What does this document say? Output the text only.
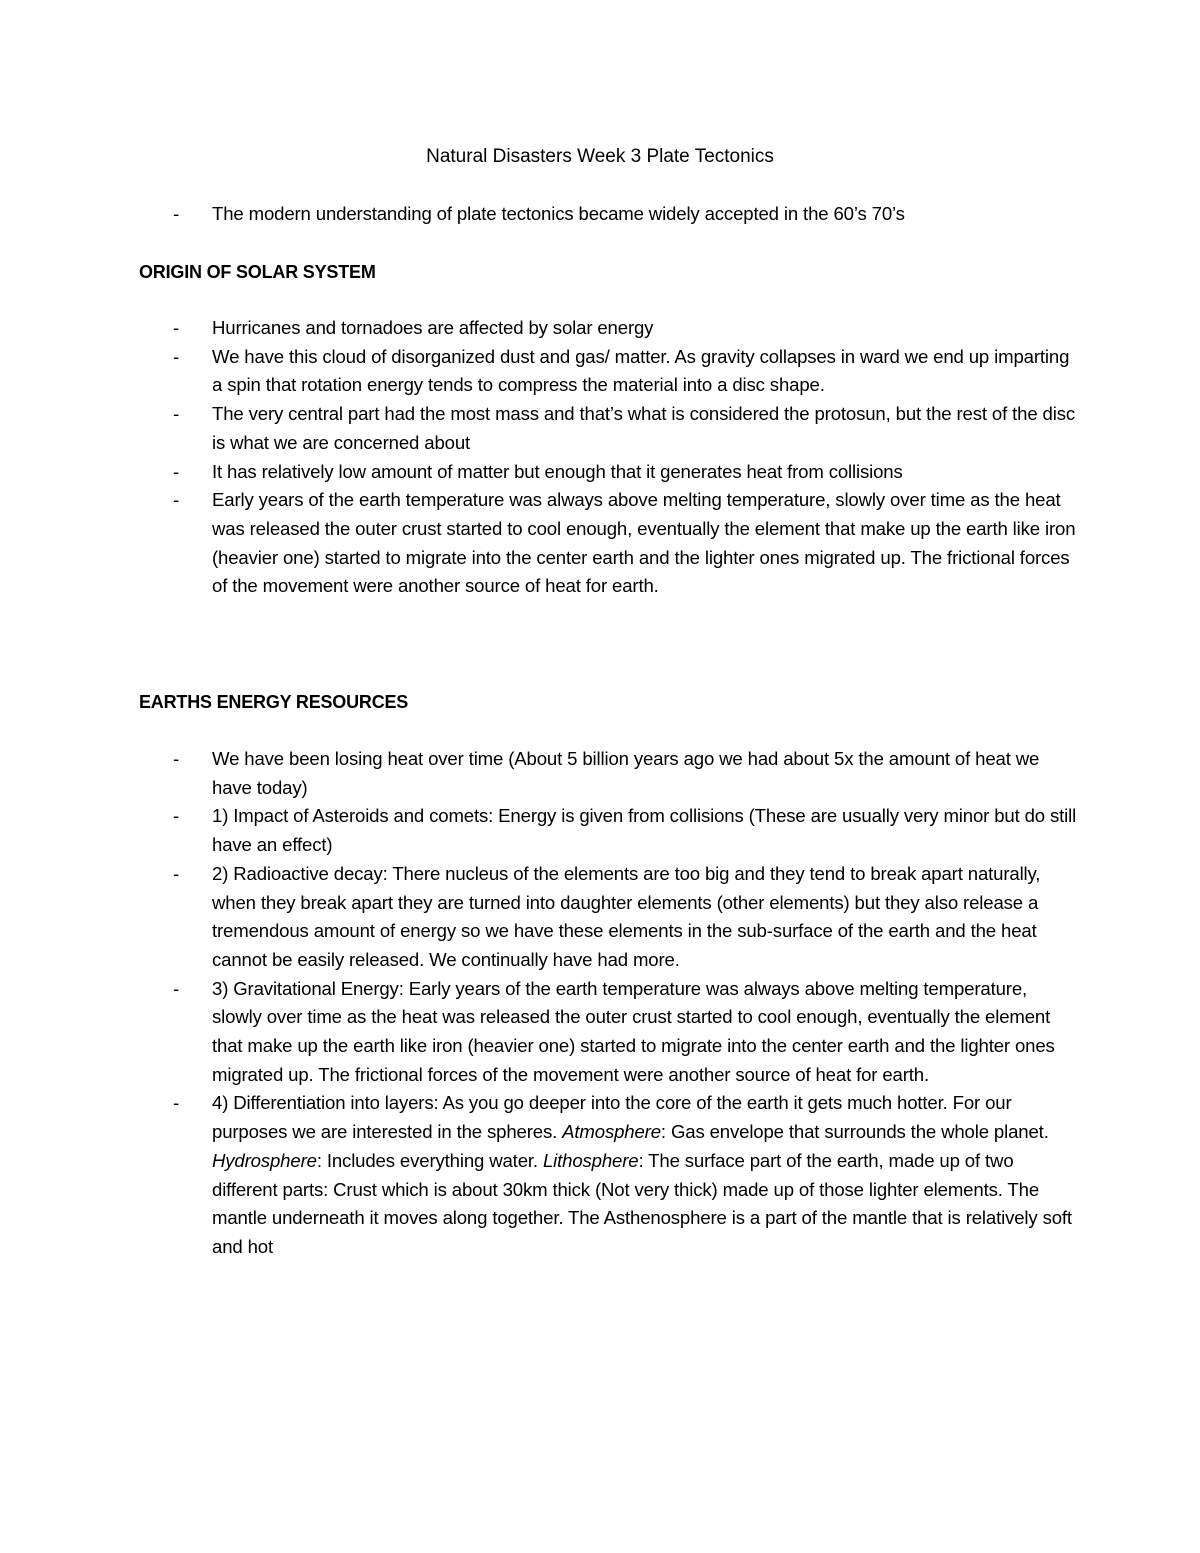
Natural Disasters Week 3 Plate Tectonics
- The modern understanding of plate tectonics became widely accepted in the 60’s 70’s
ORIGIN OF SOLAR SYSTEM
- Hurricanes and tornadoes are affected by solar energy
- We have this cloud of disorganized dust and gas/ matter. As gravity collapses in ward we end up imparting a spin that rotation energy tends to compress the material into a disc shape.
- The very central part had the most mass and that’s what is considered the protosun, but the rest of the disc is what we are concerned about
- It has relatively low amount of matter but enough that it generates heat from collisions
- Early years of the earth temperature was always above melting temperature, slowly over time as the heat was released the outer crust started to cool enough, eventually the element that make up the earth like iron (heavier one) started to migrate into the center earth and the lighter ones migrated up. The frictional forces of the movement were another source of heat for earth.
EARTHS ENERGY RESOURCES
- We have been losing heat over time (About 5 billion years ago we had about 5x the amount of heat we have today)
- 1) Impact of Asteroids and comets: Energy is given from collisions (These are usually very minor but do still have an effect)
- 2) Radioactive decay: There nucleus of the elements are too big and they tend to break apart naturally, when they break apart they are turned into daughter elements (other elements) but they also release a tremendous amount of energy so we have these elements in the sub-surface of the earth and the heat cannot be easily released. We continually have had more.
- 3) Gravitational Energy: Early years of the earth temperature was always above melting temperature, slowly over time as the heat was released the outer crust started to cool enough, eventually the element that make up the earth like iron (heavier one) started to migrate into the center earth and the lighter ones migrated up. The frictional forces of the movement were another source of heat for earth.
- 4) Differentiation into layers: As you go deeper into the core of the earth it gets much hotter. For our purposes we are interested in the spheres. Atmosphere: Gas envelope that surrounds the whole planet. Hydrosphere: Includes everything water. Lithosphere: The surface part of the earth, made up of two different parts: Crust which is about 30km thick (Not very thick) made up of those lighter elements. The mantle underneath it moves along together. The Asthenosphere is a part of the mantle that is relatively soft and hot
